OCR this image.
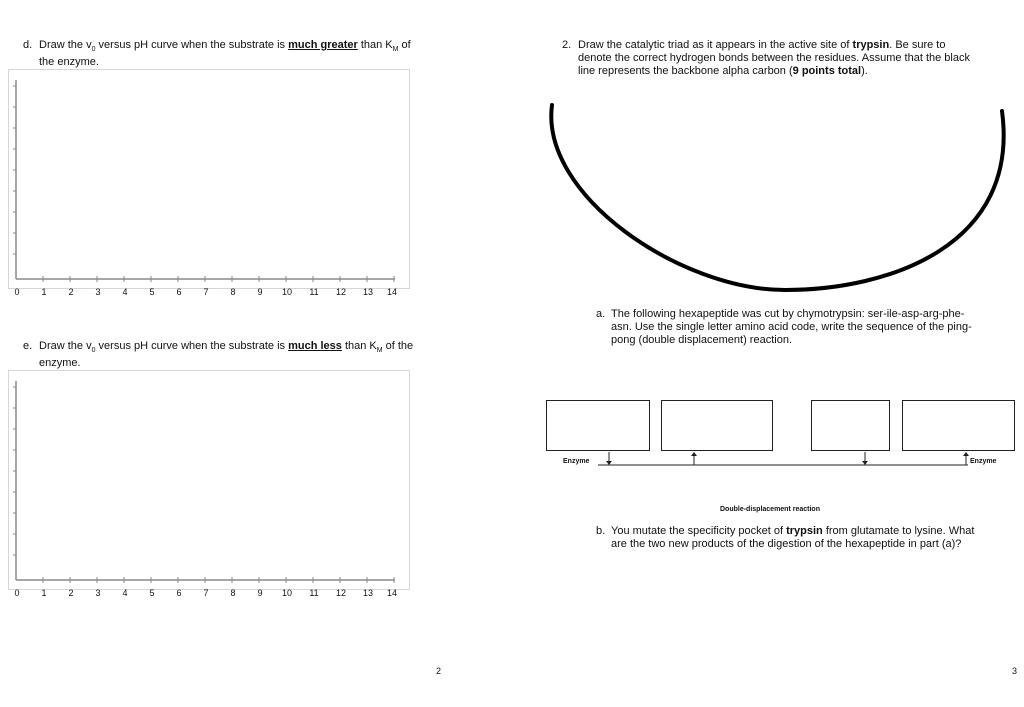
d. Draw the $v_0$ versus pH curve when the substrate is much greater than $K_M$ of
the enzyme.
0	1	2	3	4	5	6	7	8	9	10	11	12	13	14
e. Draw the $v_0$ versus pH curve when the substrate is much less than $K_M$ of the
enzyme.
0	1	2	3	4	5	6	7	8	9	10	11	12	13	14
2
2. Draw the catalytic triad as it appears in the active site of trypsin. Be sure to
denote the correct hydrogen bonds between the residues. Assume that the black
line represents the backbone alpha carbon (9 points total).
a. The following hexapeptide was cut by chymotrypsin: ser-ile-asp-arg-phe-
asn. Use the single letter amino acid code, write the sequence of the ping-
pong (double displacement) reaction.
Enzyme	Enzyme
Double-displacement reaction
b. You mutate the specificity pocket of trypsin from glutamate to lysine. What
are the two new products of the digestion of the hexapeptide in part (a)?
3
